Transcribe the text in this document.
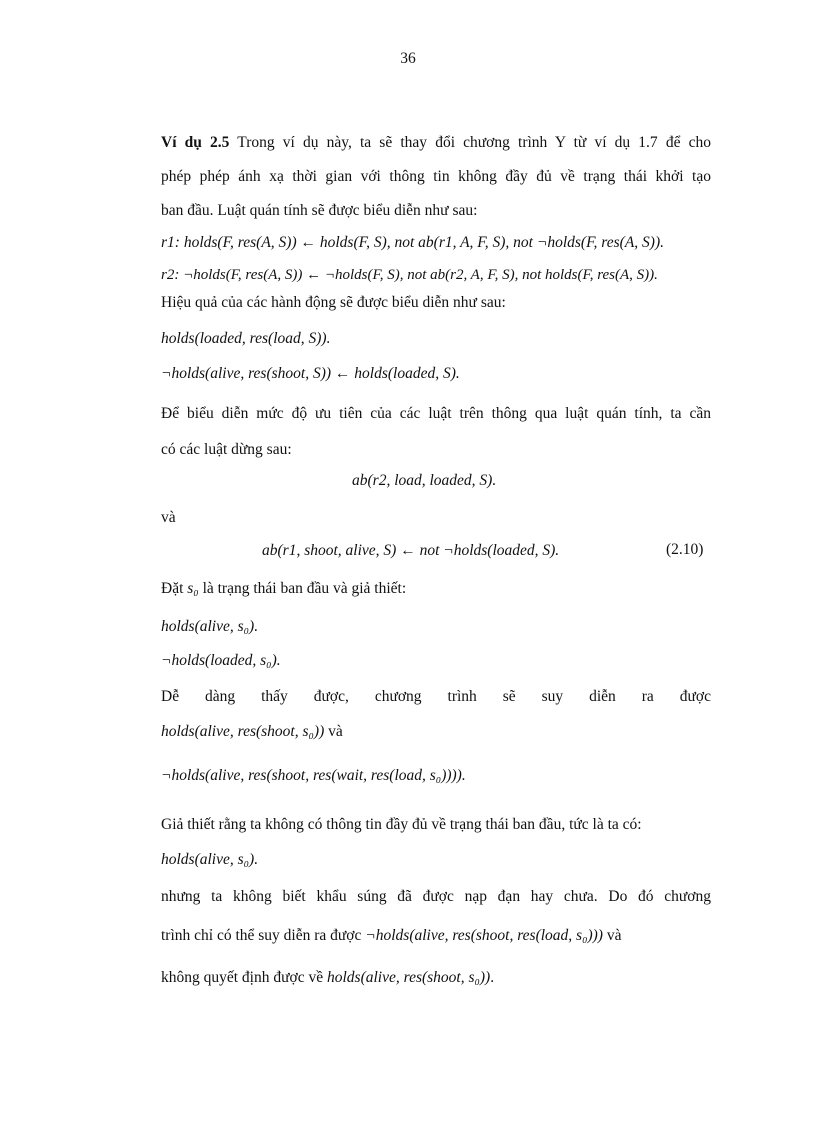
36
Ví dụ 2.5 Trong ví dụ này, ta sẽ thay đổi chương trình Y từ ví dụ 1.7 để cho
phép phép ánh xạ thời gian với thông tin không đầy đủ về trạng thái khởi tạo
ban đầu. Luật quán tính sẽ được biểu diễn như sau:
r1: holds(F, res(A, S)) ← holds(F, S), not ab(r1, A, F, S), not ¬holds(F, res(A, S)).
r2: ¬holds(F, res(A, S)) ← ¬holds(F, S), not ab(r2, A, F, S), not holds(F, res(A, S)).
Hiệu quả của các hành động sẽ được biểu diễn như sau:
holds(loaded, res(load, S)).
¬holds(alive, res(shoot, S)) ← holds(loaded, S).
Để biểu diễn mức độ ưu tiên của các luật trên thông qua luật quán tính, ta cần
có các luật dừng sau:
ab(r2, load, loaded, S).
và
ab(r1, shoot, alive, S) ← not ¬holds(loaded, S).	(2.10)
Đặt s₀ là trạng thái ban đầu và giả thiết:
holds(alive, s₀).
¬holds(loaded, s₀).
Dễ dàng thấy được, chương trình sẽ suy diễn ra được
holds(alive, res(shoot, s₀)) và
¬holds(alive, res(shoot, res(wait, res(load, s₀)))).
Giả thiết rằng ta không có thông tin đầy đủ về trạng thái ban đầu, tức là ta có:
holds(alive, s₀).
nhưng ta không biết khẩu súng đã được nạp đạn hay chưa. Do đó chương
trình chỉ có thể suy diễn ra được ¬holds(alive, res(shoot, res(load, s₀))) và
không quyết định được về holds(alive, res(shoot, s₀)).
